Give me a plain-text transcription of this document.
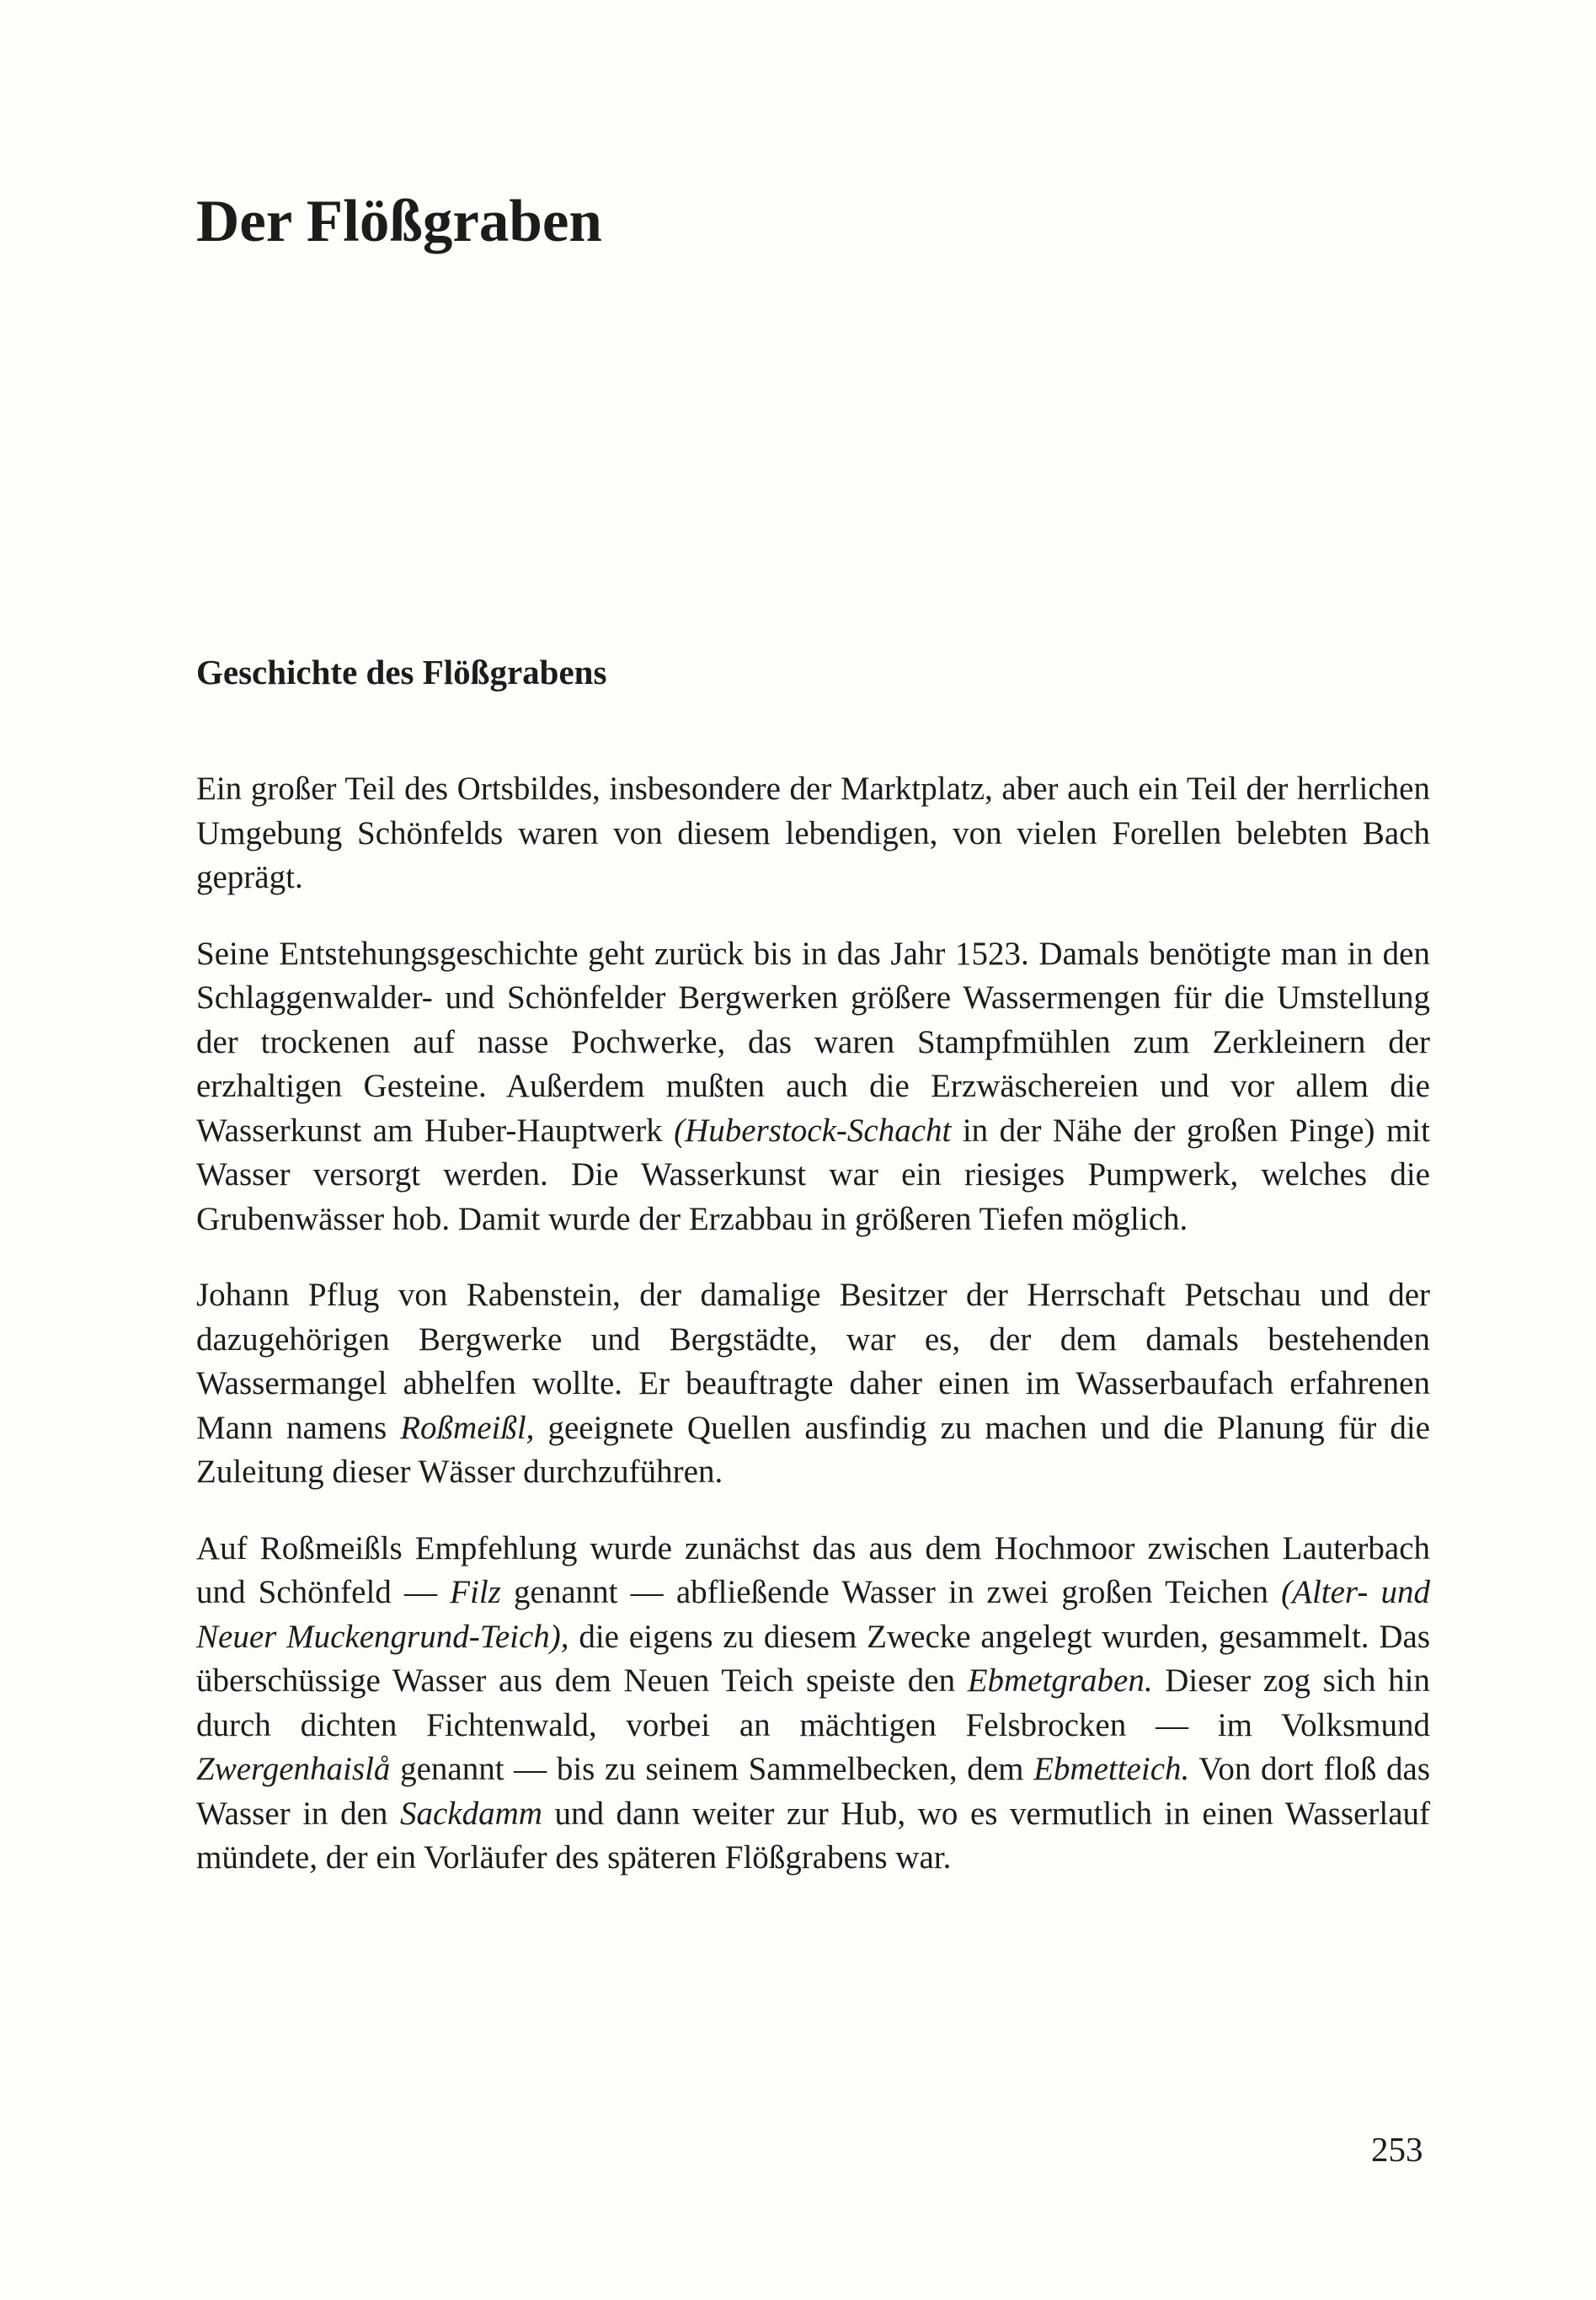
Der Flößgraben
Geschichte des Flößgrabens

Ein großer Teil des Ortsbildes, insbesondere der Marktplatz, aber auch ein Teil der herrlichen Umgebung Schönfelds waren von diesem lebendigen, von vielen Forellen belebten Bach geprägt.

Seine Entstehungsgeschichte geht zurück bis in das Jahr 1523. Damals benötigte man in den Schlaggenwalder- und Schönfelder Bergwerken größere Wassermengen für die Umstellung der trockenen auf nasse Pochwerke, das waren Stampfmühlen zum Zerkleinern der erzhaltigen Gesteine. Außerdem mußten auch die Erzwäschereien und vor allem die Wasserkunst am Huber-Hauptwerk (Huberstock-Schacht in der Nähe der großen Pinge) mit Wasser versorgt werden. Die Wasserkunst war ein riesiges Pumpwerk, welches die Grubenwässer hob. Damit wurde der Erzabbau in größeren Tiefen möglich.

Johann Pflug von Rabenstein, der damalige Besitzer der Herrschaft Petschau und der dazugehörigen Bergwerke und Bergstädte, war es, der dem damals bestehenden Wassermangel abhelfen wollte. Er beauftragte daher einen im Wasserbaufach erfahrenen Mann namens Roßmeißl, geeignete Quellen ausfindig zu machen und die Planung für die Zuleitung dieser Wässer durchzuführen.

Auf Roßmeißls Empfehlung wurde zunächst das aus dem Hochmoor zwischen Lauterbach und Schönfeld — Filz genannt — abfließende Wasser in zwei großen Teichen (Alter- und Neuer Muckengrund-Teich), die eigens zu diesem Zwecke angelegt wurden, gesammelt. Das überschüssige Wasser aus dem Neuen Teich speiste den Ebmetgraben. Dieser zog sich hin durch dichten Fichtenwald, vorbei an mächtigen Felsbrocken — im Volksmund Zwergenhaislå genannt — bis zu seinem Sammelbecken, dem Ebmetteich. Von dort floß das Wasser in den Sackdamm und dann weiter zur Hub, wo es vermutlich in einen Wasserlauf mündete, der ein Vorläufer des späteren Flößgrabens war.

253
